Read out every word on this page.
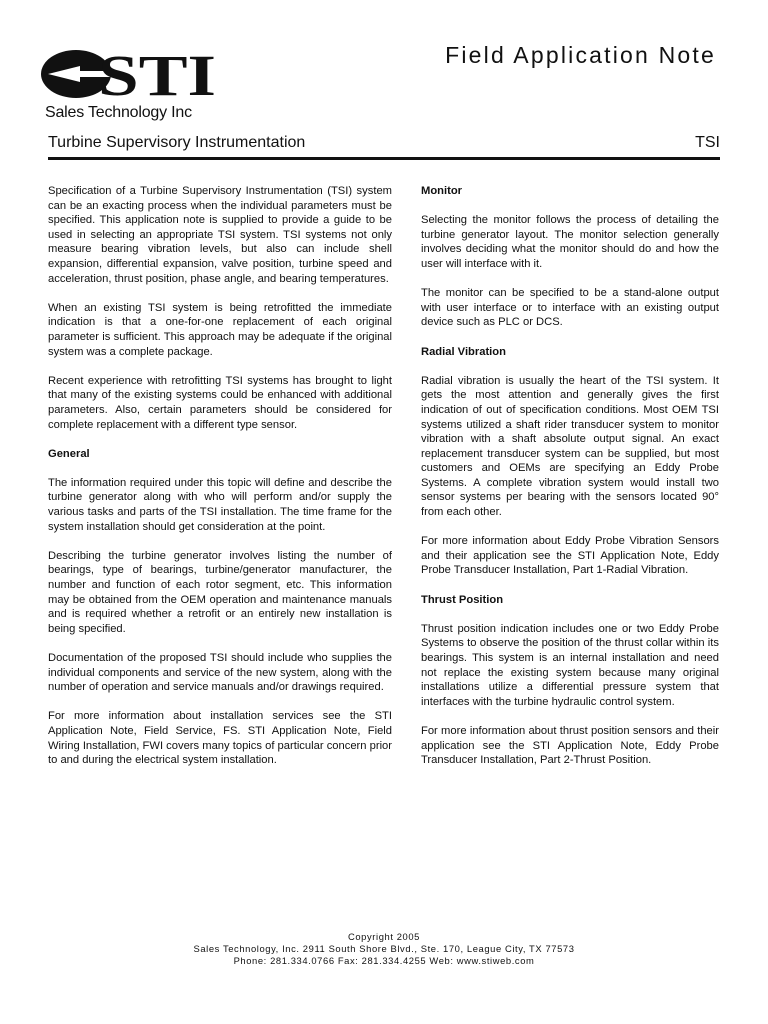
STI
Sales Technology Inc
Field Application Note
Turbine Supervisory Instrumentation	TSI

Specification of a Turbine Supervisory Instrumentation (TSI) system can be an exacting process when the individual parameters must be specified. This application note is supplied to provide a guide to be used in selecting an appropriate TSI system. TSI systems not only measure bearing vibration levels, but also can include shell expansion, differential expansion, valve position, turbine speed and acceleration, thrust position, phase angle, and bearing temperatures.

When an existing TSI system is being retrofitted the immediate indication is that a one-for-one replacement of each original parameter is sufficient. This approach may be adequate if the original system was a complete package.

Recent experience with retrofitting TSI systems has brought to light that many of the existing systems could be enhanced with additional parameters. Also, certain parameters should be considered for complete replacement with a different type sensor.

General

The information required under this topic will define and describe the turbine generator along with who will perform and/or supply the various tasks and parts of the TSI installation. The time frame for the system installation should get consideration at the point.

Describing the turbine generator involves listing the number of bearings, type of bearings, turbine/generator manufacturer, the number and function of each rotor segment, etc. This information may be obtained from the OEM operation and maintenance manuals and is required whether a retrofit or an entirely new installation is being specified.

Documentation of the proposed TSI should include who supplies the individual components and service of the new system, along with the number of operation and service manuals and/or drawings required.

For more information about installation services see the STI Application Note, Field Service, FS. STI Application Note, Field Wiring Installation, FWI covers many topics of particular concern prior to and during the electrical system installation.

Monitor

Selecting the monitor follows the process of detailing the turbine generator layout. The monitor selection generally involves deciding what the monitor should do and how the user will interface with it.

The monitor can be specified to be a stand-alone output with user interface or to interface with an existing output device such as PLC or DCS.

Radial Vibration

Radial vibration is usually the heart of the TSI system. It gets the most attention and generally gives the first indication of out of specification conditions. Most OEM TSI systems utilized a shaft rider transducer system to monitor vibration with a shaft absolute output signal. An exact replacement transducer system can be supplied, but most customers and OEMs are specifying an Eddy Probe Systems. A complete vibration system would install two sensor systems per bearing with the sensors located 90° from each other.

For more information about Eddy Probe Vibration Sensors and their application see the STI Application Note, Eddy Probe Transducer Installation, Part 1-Radial Vibration.

Thrust Position

Thrust position indication includes one or two Eddy Probe Systems to observe the position of the thrust collar within its bearings. This system is an internal installation and need not replace the existing system because many original installations utilize a differential pressure system that interfaces with the turbine hydraulic control system.

For more information about thrust position sensors and their application see the STI Application Note, Eddy Probe Transducer Installation, Part 2-Thrust Position.

Copyright 2005
Sales Technology, Inc. 2911 South Shore Blvd., Ste. 170, League City, TX 77573
Phone: 281.334.0766 Fax: 281.334.4255 Web: www.stiweb.com
